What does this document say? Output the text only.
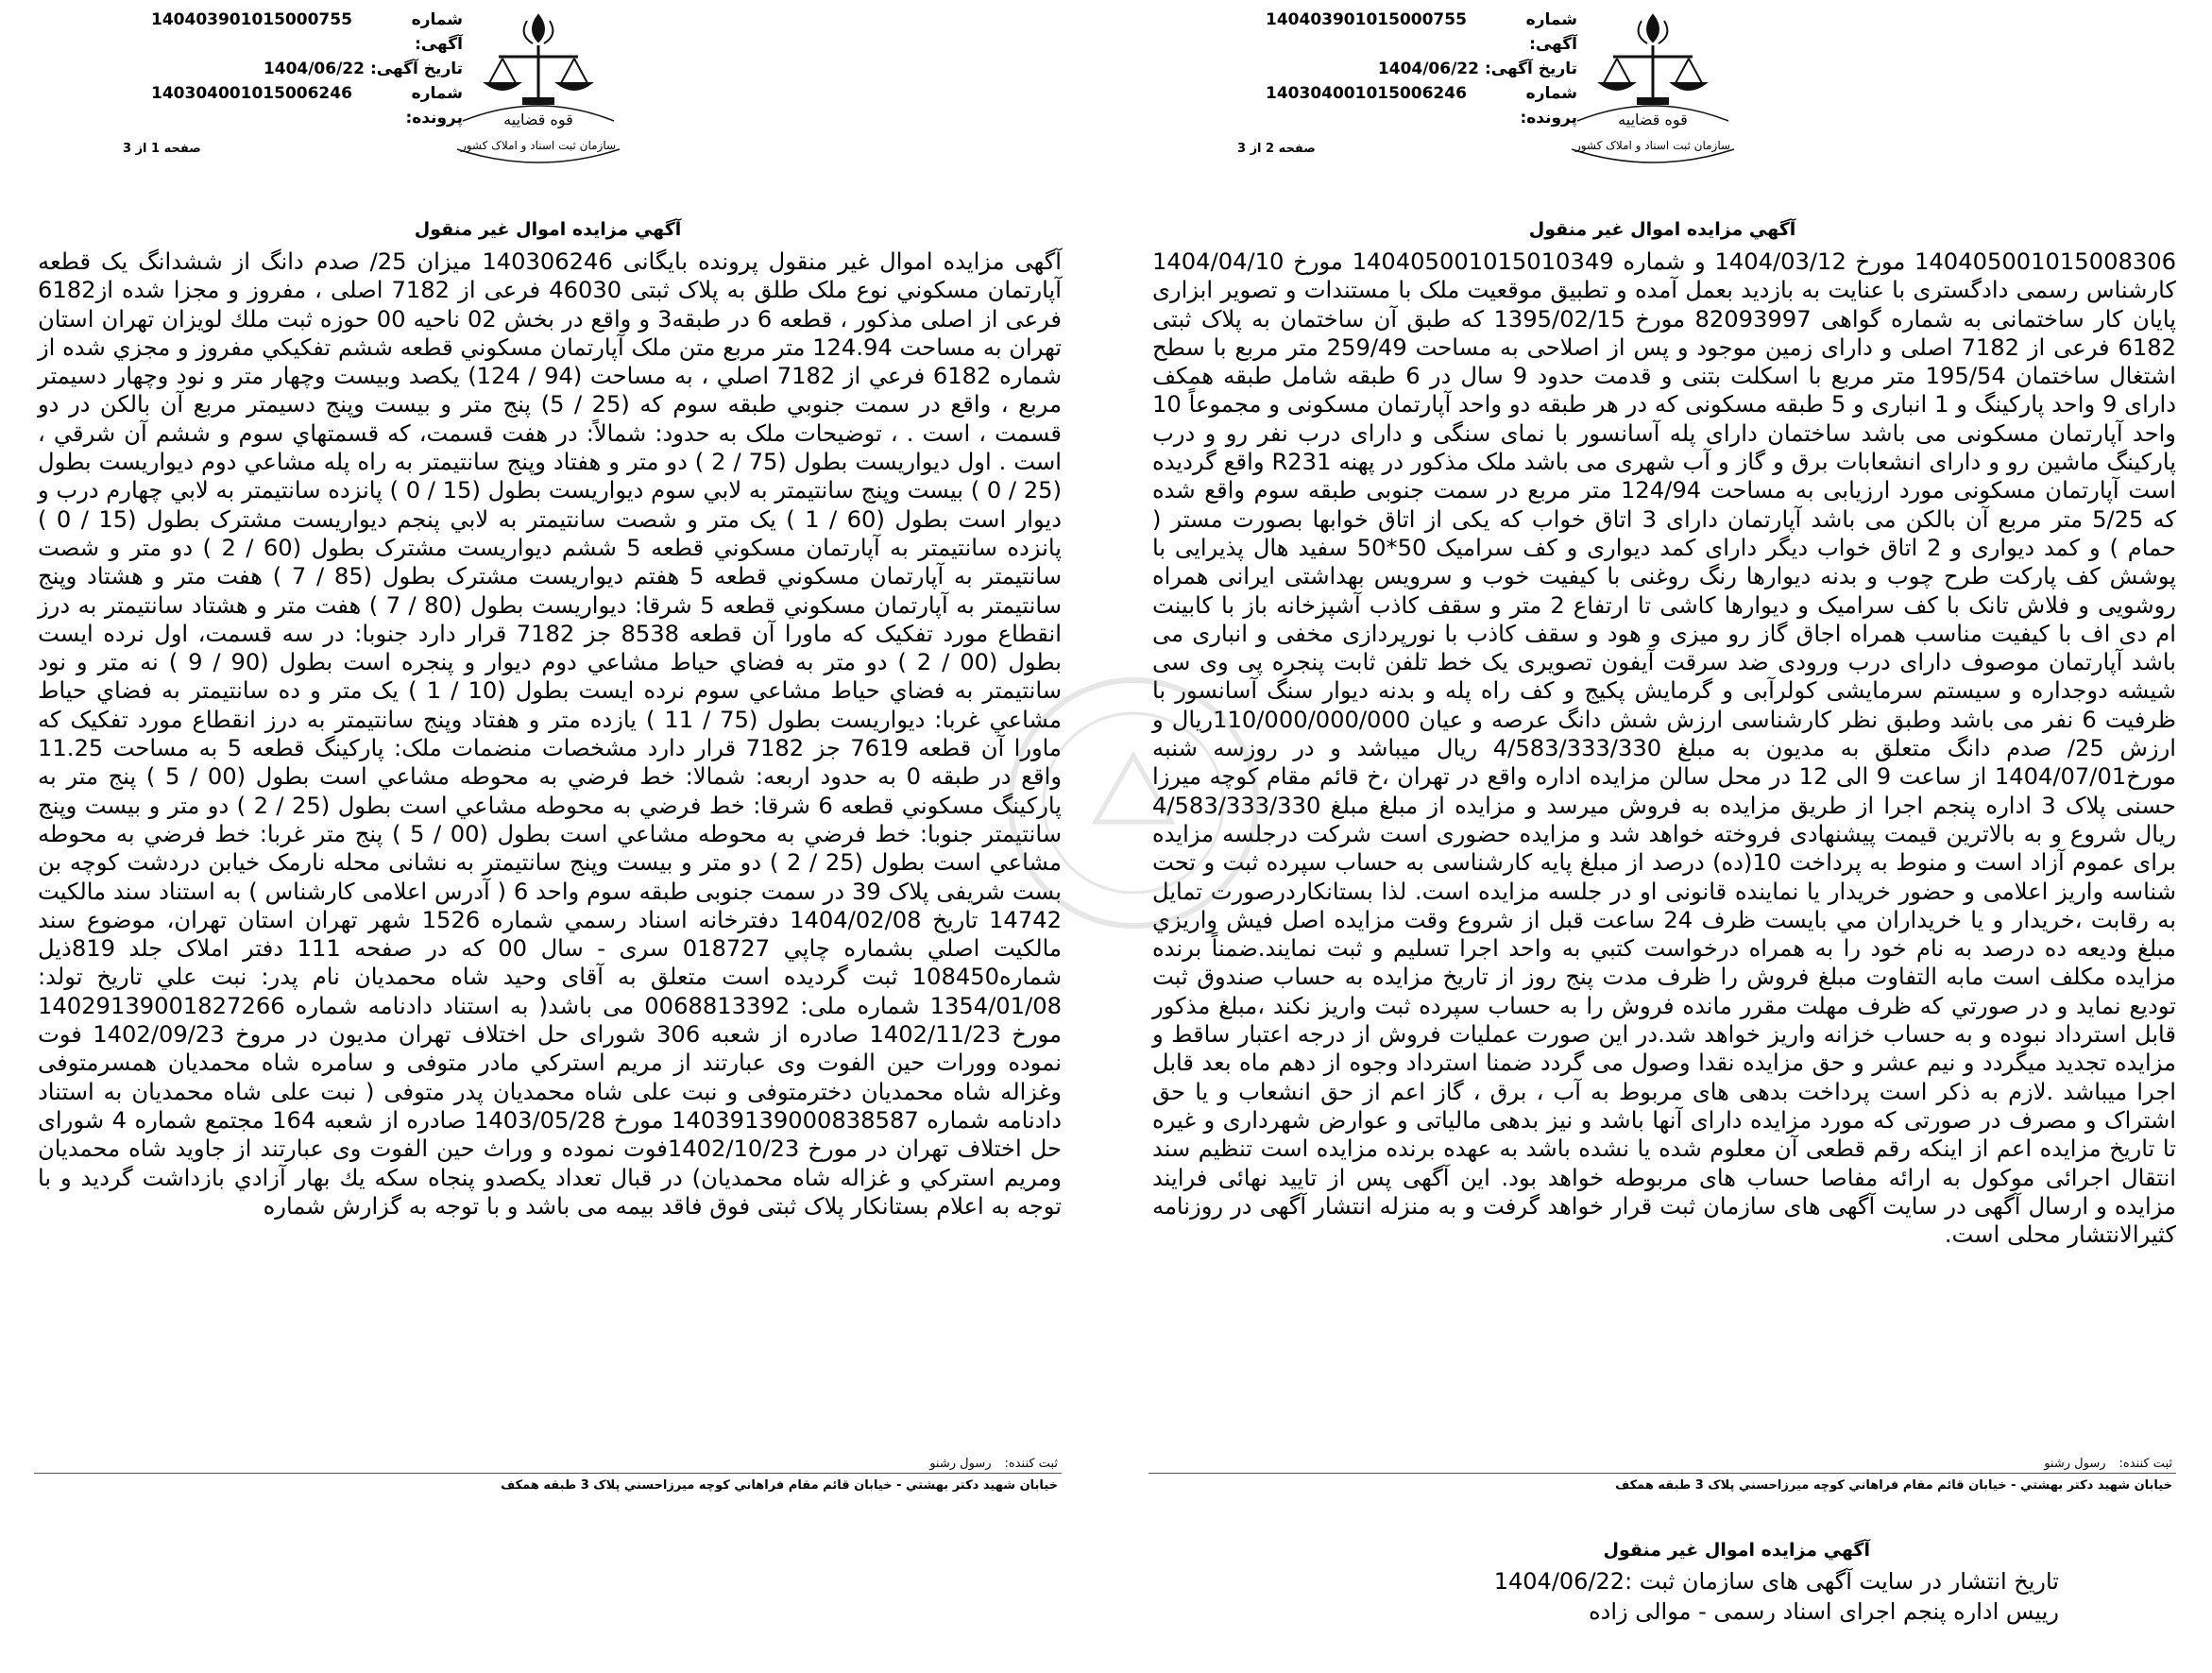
شماره آگهی:
140403901015000755
تاریخ آگهی:
1404/06/22
شماره پرونده:
140304001015006246
صفحه 1 از 3
قوه قضاییه
سازمان ثبت اسناد و املاک کشور
آگهي مزايده اموال غير منقول
آگهی مزایده اموال غیر منقول پرونده بایگانی 140306246 میزان 25/ صدم دانگ از ششدانگ یک قطعه آپارتمان مسکوني نوع ملک طلق به پلاک ثبتی 46030 فرعی از 7182 اصلی ، مفروز و مجزا شده از6182 فرعی از اصلی مذکور ، قطعه 6 در طبقه3 و واقع در بخش 02 ناحیه 00 حوزه ثبت ملك لویزان تهران استان تهران به مساحت 124.94 متر مربع متن ملک آپارتمان مسکوني قطعه ششم تفکيکي مفروز و مجزي شده از شماره 6182 فرعي از 7182 اصلي ، به مساحت (94 / 124) يکصد وبيست وچهار متر و نود وچهار دسيمتر مربع ، واقع در سمت جنوبي طبقه سوم که (25 / 5) پنج متر و بيست وپنج دسيمتر مربع آن بالکن در دو قسمت ، است . ، توضیحات ملک به حدود: شمالاً: در هفت قسمت، که قسمتهاي سوم و ششم آن شرقي ، است . اول ديواريست بطول (75 / 2 ) دو متر و هفتاد وپنج سانتيمتر به راه پله مشاعي دوم ديواريست بطول (25 / 0 ) بيست وپنج سانتيمتر به لابي سوم ديواريست بطول (15 / 0 ) پانزده سانتيمتر به لابي چهارم درب و ديوار است بطول (60 / 1 ) يک متر و شصت سانتيمتر به لابي پنجم ديواريست مشترک بطول (15 / 0 ) پانزده سانتيمتر به آپارتمان مسکوني قطعه 5 ششم ديواريست مشترک بطول (60 / 2 ) دو متر و شصت سانتيمتر به آپارتمان مسکوني قطعه 5 هفتم ديواريست مشترک بطول (85 / 7 ) هفت متر و هشتاد وپنج سانتيمتر به آپارتمان مسکوني قطعه 5 شرقا: ديواريست بطول (80 / 7 ) هفت متر و هشتاد سانتيمتر به درز انقطاع مورد تفکيک که ماورا آن قطعه 8538 جز 7182 قرار دارد جنوبا: در سه قسمت، اول نرده ايست بطول (00 / 2 ) دو متر به فضاي حياط مشاعي دوم ديوار و پنجره است بطول (90 / 9 ) نه متر و نود سانتيمتر به فضاي حياط مشاعي سوم نرده ايست بطول (10 / 1 ) يک متر و ده سانتيمتر به فضاي حياط مشاعي غربا: ديواريست بطول (75 / 11 ) يازده متر و هفتاد وپنج سانتيمتر به درز انقطاع مورد تفکيک که ماورا آن قطعه 7619 جز 7182 قرار دارد مشخصات منضمات ملک: پارکينگ قطعه 5 به مساحت 11.25 واقع در طبقه 0 به حدود اربعه: شمالا: خط فرضي به محوطه مشاعي است بطول (00 / 5 ) پنج متر به پارکينگ مسکوني قطعه 6 شرقا: خط فرضي به محوطه مشاعي است بطول (25 / 2 ) دو متر و بيست وپنج سانتيمتر جنوبا: خط فرضي به محوطه مشاعي است بطول (00 / 5 ) پنج متر غربا: خط فرضي به محوطه مشاعي است بطول (25 / 2 ) دو متر و بيست وپنج سانتيمتر به نشانی محله نارمک خیابن دردشت کوچه بن بست شریفی پلاک 39 در سمت جنوبی طبقه سوم واحد 6 ( آدرس اعلامی کارشناس ) به استناد سند مالکیت 14742 تاریخ 1404/02/08 دفترخانه اسناد رسمي شماره 1526 شهر تهران استان تهران، موضوع سند مالکيت اصلي بشماره چاپي 018727 سری - سال 00 که در صفحه 111 دفتر املاک جلد 819ذیل شماره108450 ثبت گردیده است متعلق به آقای وحيد شاه محمديان نام پدر: نبت علي تاريخ تولد: 1354/01/08 شماره ملی: 0068813392 می باشد( به استناد دادنامه شماره 14029139001827266 مورخ 1402/11/23 صادره از شعبه 306 شورای حل اختلاف تهران مدیون در مروخ 1402/09/23 فوت نموده وورات حین الفوت وی عبارتند از مریم استرکي مادر متوفی و سامره شاه محمدیان همسرمتوفی وغزاله شاه محمدیان دخترمتوفی و نبت علی شاه محمدیان پدر متوفی ( نبت علی شاه محمدیان به استناد دادنامه شماره 14039139000838587 مورخ 1403/05/28 صادره از شعبه 164 مجتمع شماره 4 شورای حل اختلاف تهران در مورخ 1402/10/23فوت نموده و وراث حین الفوت وی عبارتند از جاوید شاه محمدیان ومريم استرکي و غزاله شاه محمديان) در قبال تعداد يکصدو پنجاه سکه يك بهار آزادي بازداشت گرديد و با توجه به اعلام بستانکار پلاک ثبتی فوق فاقد بیمه می باشد و با توجه به گزارش شماره
ثبت کننده:
رسول رشنو
خیابان شهید دکتر بهشتي - خیابان قائم مقام فراهاني کوچه میرزاحسني پلاک 3 طبقه همکف
شماره آگهی:
140403901015000755
تاریخ آگهی:
1404/06/22
شماره پرونده:
140304001015006246
صفحه 2 از 3
قوه قضاییه
سازمان ثبت اسناد و املاک کشور
آگهي مزايده اموال غير منقول
140405001015008306 مورخ 1404/03/12 و شماره 140405001015010349 مورخ 1404/04/10 کارشناس رسمی دادگستری با عنایت به بازدید بعمل آمده و تطبیق موقعیت ملک با مستندات و تصویر ابزاری پایان کار ساختمانی به شماره گواهی 82093997 مورخ 1395/02/15 که طبق آن ساختمان به پلاک ثبتی 6182 فرعی از 7182 اصلی و دارای زمین موجود و پس از اصلاحی به مساحت 259/49 متر مربع با سطح اشتغال ساختمان 195/54 متر مربع با اسکلت بتنی و قدمت حدود 9 سال در 6 طبقه شامل طبقه همکف دارای 9 واحد پارکینگ و 1 انباری و 5 طبقه مسکونی که در هر طبقه دو واحد آپارتمان مسکونی و مجموعاً 10 واحد آپارتمان مسکونی می باشد ساختمان دارای پله آسانسور با نمای سنگی و دارای درب نفر رو و درب پارکینگ ماشین رو و دارای انشعابات برق و گاز و آب شهری می باشد ملک مذکور در پهنه R231 واقع گردیده است آپارتمان مسکونی مورد ارزیابی به مساحت 124/94 متر مربع در سمت جنوبی طبقه سوم واقع شده که 5/25 متر مربع آن بالکن می باشد آپارتمان دارای 3 اتاق خواب که یکی از اتاق خوابها بصورت مستر ( حمام ) و کمد دیواری و 2 اتاق خواب دیگر دارای کمد دیواری و کف سرامیک 50*50 سفید هال پذیرایی با پوشش کف پارکت طرح چوب و بدنه دیوارها رنگ روغنی با کیفیت خوب و سرویس بهداشتی ایرانی همراه روشویی و فلاش تانک با کف سرامیک و دیوارها کاشی تا ارتفاع 2 متر و سقف کاذب آشپزخانه باز با کابینت ام دی اف با کیفیت مناسب همراه اجاق گاز رو میزی و هود و سقف کاذب با نورپردازی مخفی و انباری می باشد آپارتمان موصوف دارای درب ورودی ضد سرقت آیفون تصویری یک خط تلفن ثابت پنجره پی وی سی شیشه دوجداره و سیستم سرمایشی کولرآبی و گرمایش پکیج و کف راه پله و بدنه دیوار سنگ آسانسور با ظرفیت 6 نفر می باشد وطبق نظر کارشناسی ارزش شش دانگ عرصه و عیان 110/000/000/000ریال و ارزش 25/ صدم دانگ متعلق به مدیون به مبلغ 4/583/333/330 ریال میباشد و در روزسه شنبه مورخ1404/07/01 از ساعت 9 الی 12 در محل سالن مزایده اداره واقع در تهران ،خ قائم مقام کوچه میرزا حسنی پلاک 3 اداره پنجم اجرا از طریق مزایده به فروش میرسد و مزایده از مبلغ مبلغ 4/583/333/330 ریال شروع و به بالاترین قیمت پیشنهادی فروخته خواهد شد و مزایده حضوری است شرکت درجلسه مزایده برای عموم آزاد است و منوط به پرداخت 10(ده) درصد از مبلغ پایه کارشناسی به حساب سپرده ثبت و تحت شناسه واریز اعلامی و حضور خریدار یا نماینده قانونی او در جلسه مزایده است. لذا بستانکاردرصورت تمایل به رقابت ،خریدار و یا خریداران مي بايست ظرف 24 ساعت قبل از شروع وقت مزايده اصل فيش واريزي مبلغ وديعه ده درصد به نام خود را به همراه درخواست کتبي به واحد اجرا تسليم و ثبت نمايند.ضمناً برنده مزایده مکلف است مابه التفاوت مبلغ فروش را ظرف مدت پنج روز از تاریخ مزایده به حساب صندوق ثبت توديع نماید و در صورتي كه ظرف مهلت مقرر مانده فروش را به حساب سپرده ثبت واریز نکند ،مبلغ مذکور قابل استرداد نبوده و به حساب خزانه واریز خواهد شد.در این صورت عملیات فروش از درجه اعتبار ساقط و مزایده تجدید میگردد و نیم عشر و حق مزایده نقدا وصول می گردد ضمنا استرداد وجوه از دهم ماه بعد قابل اجرا میباشد .لازم به ذکر است پرداخت بدهی های مربوط به آب ، برق ، گاز اعم از حق انشعاب و یا حق اشتراک و مصرف در صورتی که مورد مزایده دارای آنها باشد و نیز بدهی مالیاتی و عوارض شهرداری و غیره تا تاریخ مزایده اعم از اینکه رقم قطعی آن معلوم شده یا نشده باشد به عهده برنده مزایده است تنظیم سند انتقال اجرائی موکول به ارائه مفاصا حساب های مربوطه خواهد بود. این آگهی پس از تایید نهائی فرایند مزایده و ارسال آگهی در سایت آگهی های سازمان ثبت قرار خواهد گرفت و به منزله انتشار آگهی در روزنامه کثیرالانتشار محلی است.
ثبت کننده:
رسول رشنو
خیابان شهید دکتر بهشتي - خیابان قائم مقام فراهاني کوچه میرزاحسني پلاک 3 طبقه همکف
آگهي مزايده اموال غير منقول
تاریخ انتشار در سایت آگهی های سازمان ثبت :1404/06/22
رييس اداره پنجم اجرای اسناد رسمی - موالی زاده
